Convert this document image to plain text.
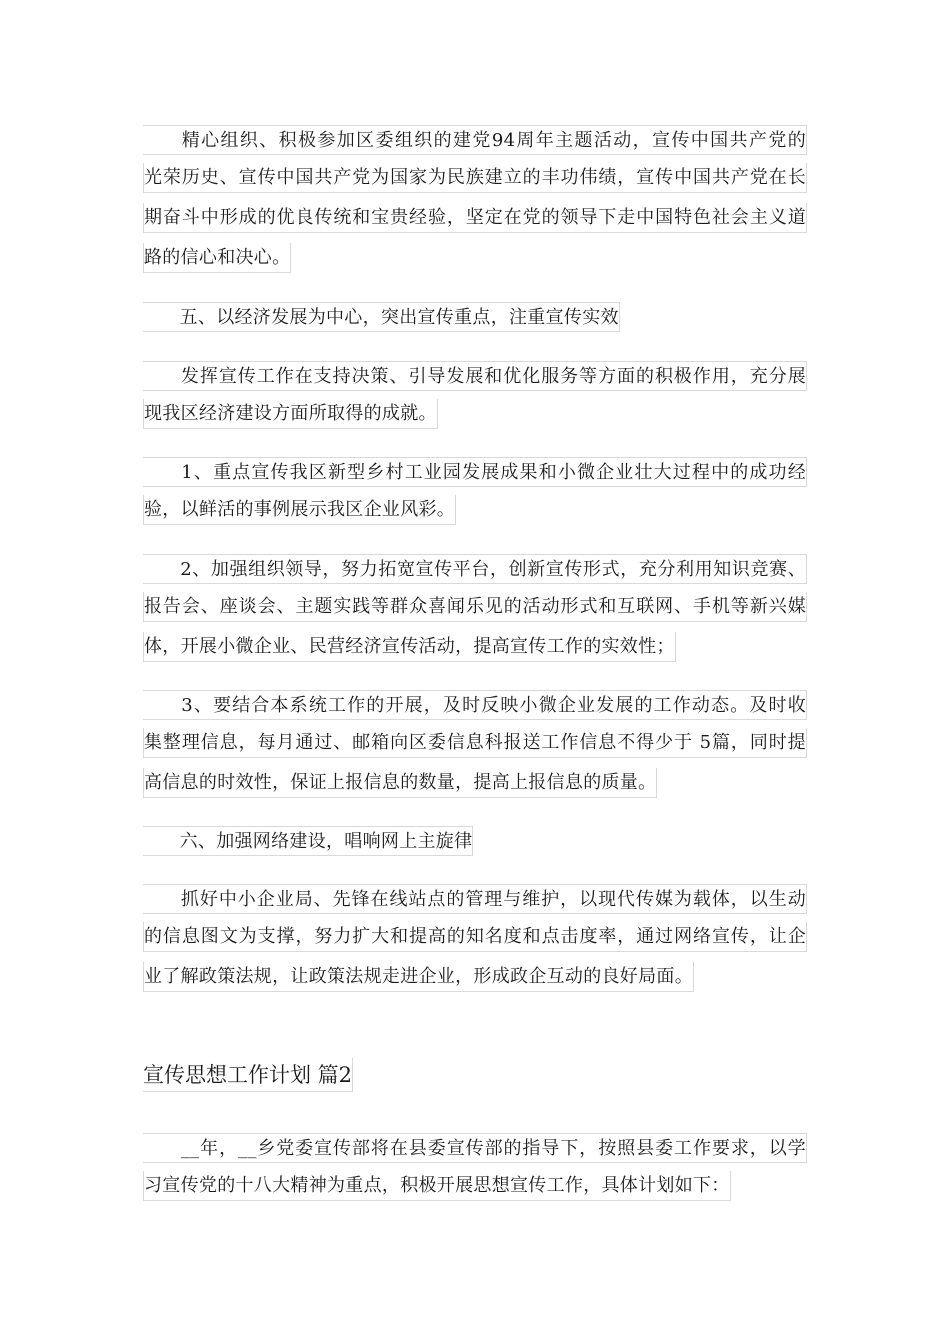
　　精心组织、积极参加区委组织的建党94周年主题活动，宣传中国共产党的
光荣历史、宣传中国共产党为国家为民族建立的丰功伟绩，宣传中国共产党在长
期奋斗中形成的优良传统和宝贵经验，坚定在党的领导下走中国特色社会主义道
路的信心和决心。
　　五、以经济发展为中心，突出宣传重点，注重宣传实效
　　发挥宣传工作在支持决策、引导发展和优化服务等方面的积极作用，充分展
现我区经济建设方面所取得的成就。
　　1、重点宣传我区新型乡村工业园发展成果和小微企业壮大过程中的成功经
验，以鲜活的事例展示我区企业风彩。
　　2、加强组织领导，努力拓宽宣传平台，创新宣传形式，充分利用知识竞赛、
报告会、座谈会、主题实践等群众喜闻乐见的活动形式和互联网、手机等新兴媒
体，开展小微企业、民营经济宣传活动，提高宣传工作的实效性；
　　3、要结合本系统工作的开展，及时反映小微企业发展的工作动态。及时收
集整理信息，每月通过、邮箱向区委信息科报送工作信息不得少于 5篇，同时提
高信息的时效性，保证上报信息的数量，提高上报信息的质量。
　　六、加强网络建设，唱响网上主旋律
　　抓好中小企业局、先锋在线站点的管理与维护，以现代传媒为载体，以生动
的信息图文为支撑，努力扩大和提高的知名度和点击度率，通过网络宣传，让企
业了解政策法规，让政策法规走进企业，形成政企互动的良好局面。
宣传思想工作计划 篇2
　　__年，__乡党委宣传部将在县委宣传部的指导下，按照县委工作要求，以学
习宣传党的十八大精神为重点，积极开展思想宣传工作，具体计划如下：
